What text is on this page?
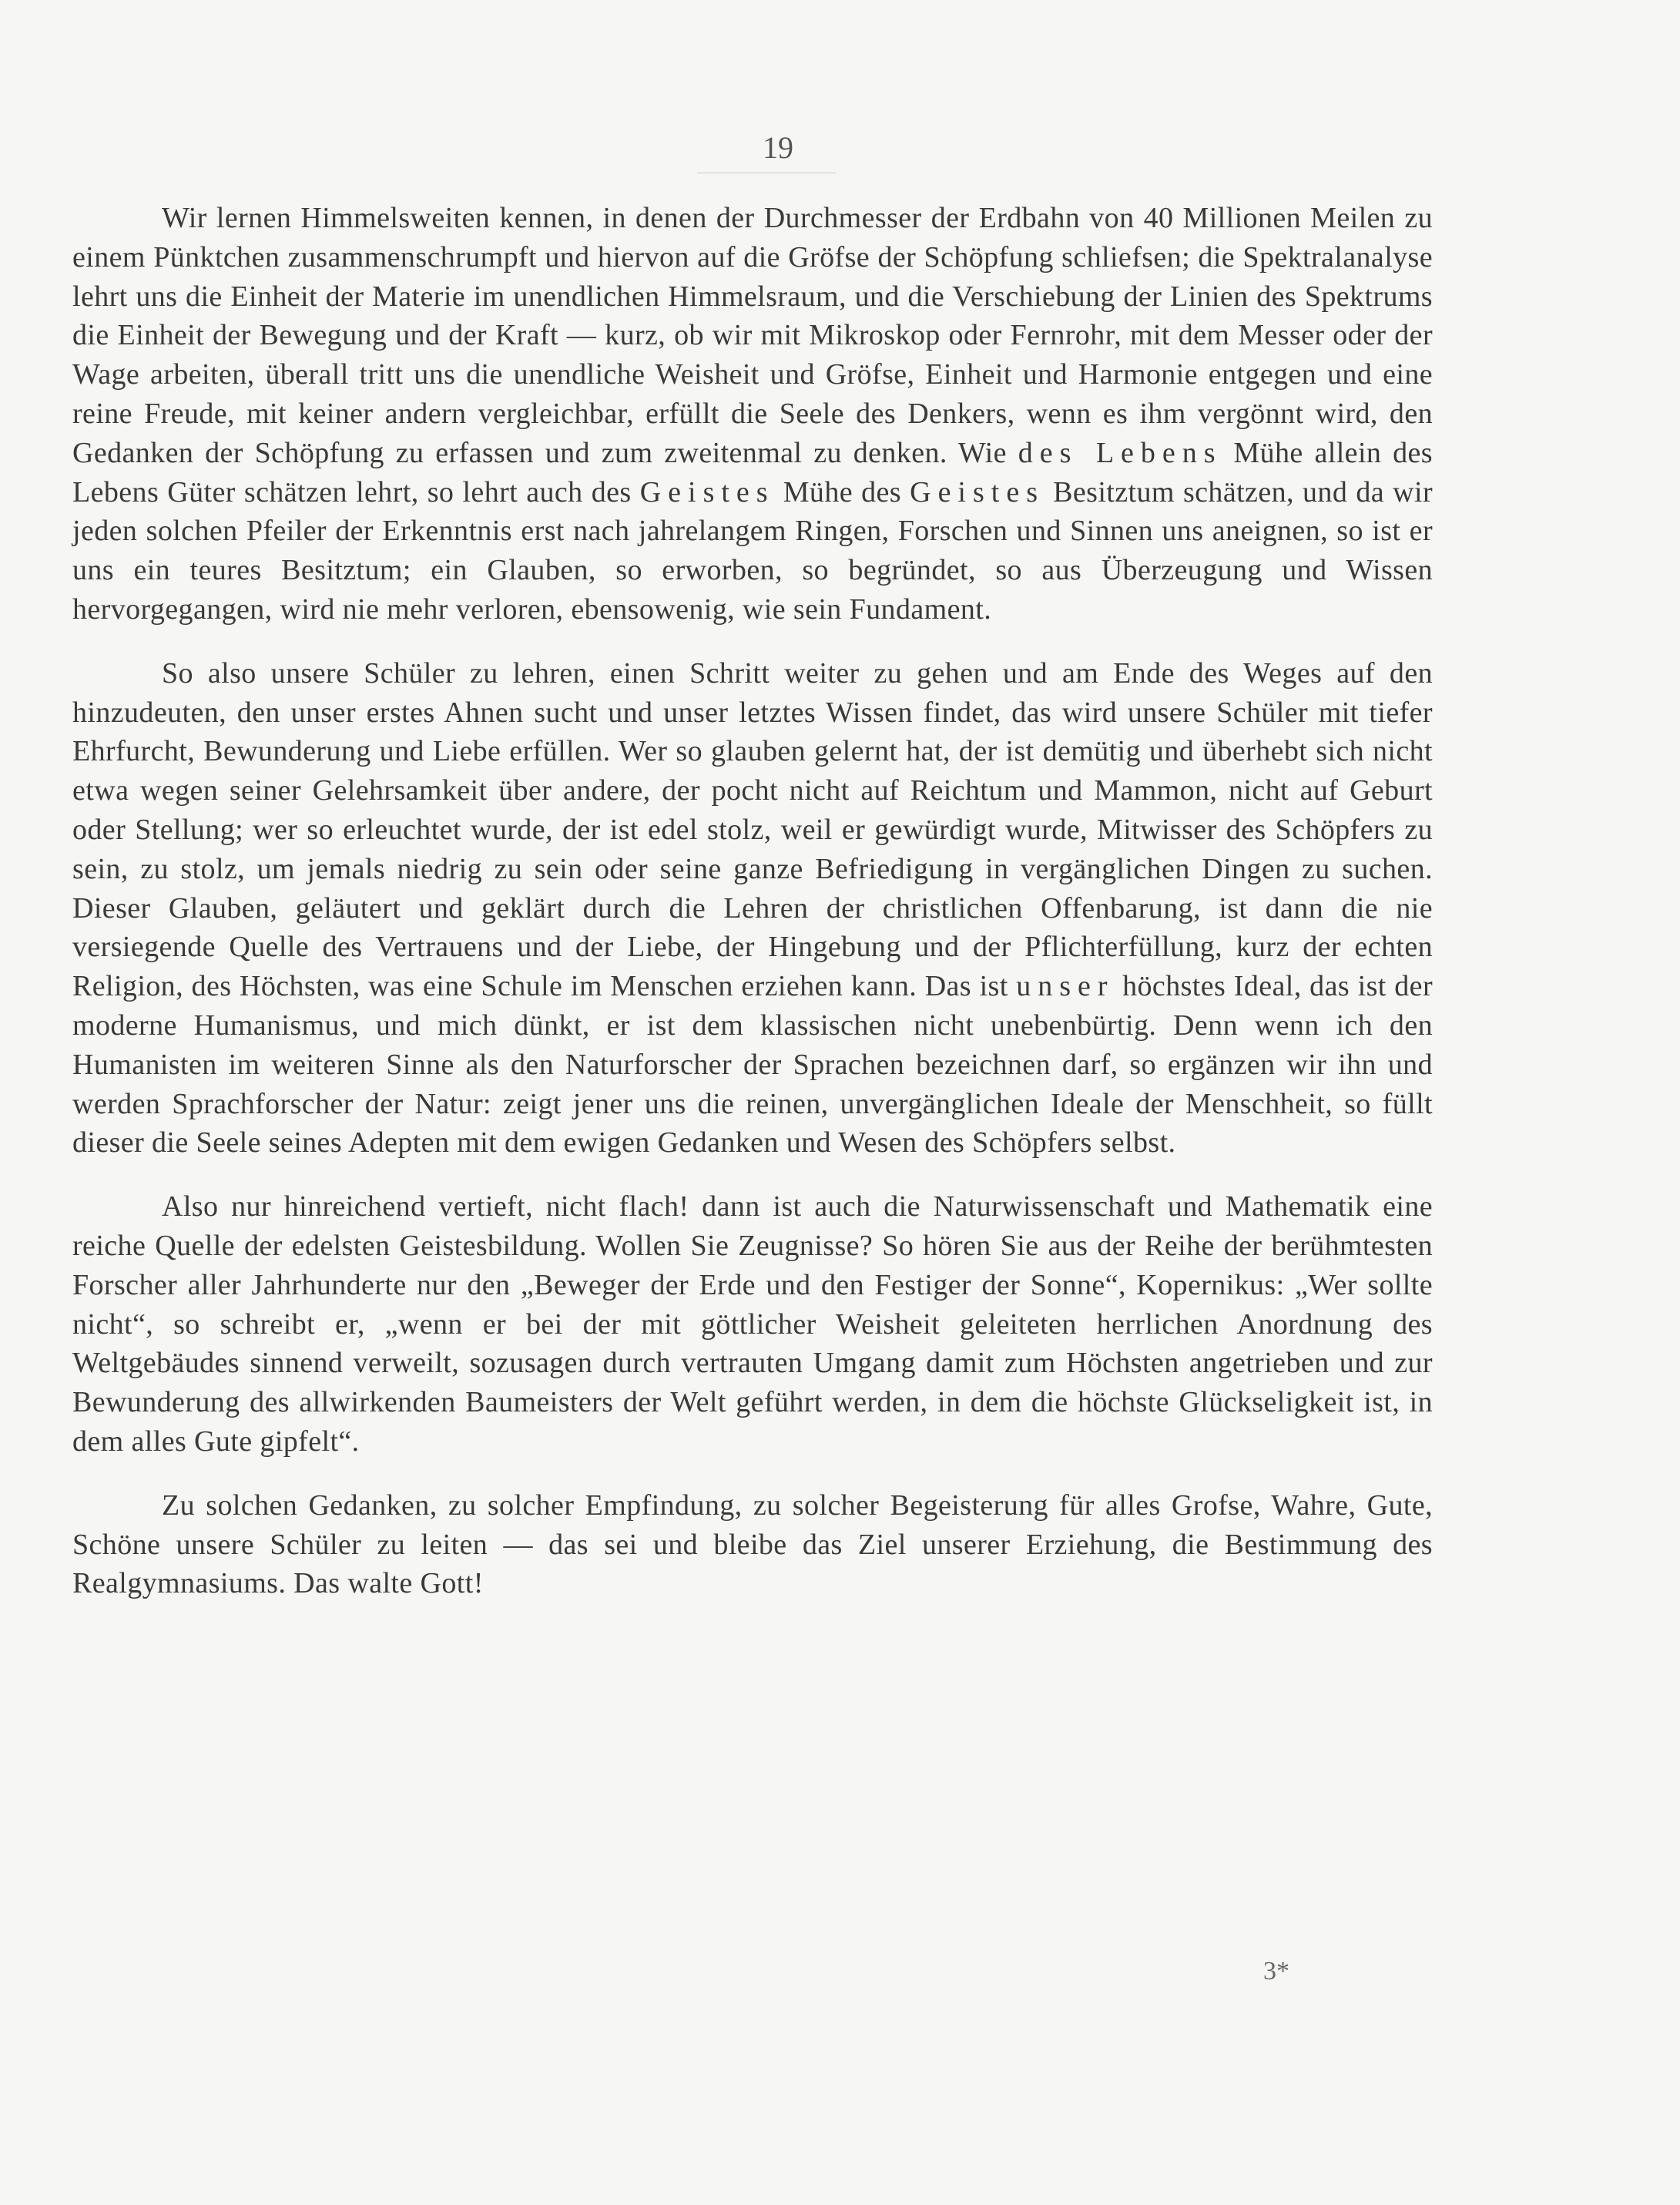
19

Wir lernen Himmelsweiten kennen, in denen der Durchmesser der Erdbahn von 40 Millionen Meilen zu einem Pünktchen zusammenschrumpft und hiervon auf die Gröfse der Schöpfung schliefsen; die Spektralanalyse lehrt uns die Einheit der Materie im unendlichen Himmelsraum, und die Verschiebung der Linien des Spektrums die Einheit der Bewegung und der Kraft — kurz, ob wir mit Mikroskop oder Fernrohr, mit dem Messer oder der Wage arbeiten, überall tritt uns die unendliche Weisheit und Gröfse, Einheit und Harmonie entgegen und eine reine Freude, mit keiner andern vergleichbar, erfüllt die Seele des Denkers, wenn es ihm vergönnt wird, den Gedanken der Schöpfung zu erfassen und zum zweitenmal zu denken. Wie des Lebens Mühe allein des Lebens Güter schätzen lehrt, so lehrt auch des Geistes Mühe des Geistes Besitztum schätzen, und da wir jeden solchen Pfeiler der Erkenntnis erst nach jahrelangem Ringen, Forschen und Sinnen uns aneignen, so ist er uns ein teures Besitztum; ein Glauben, so erworben, so begründet, so aus Überzeugung und Wissen hervorgegangen, wird nie mehr verloren, ebensowenig, wie sein Fundament.

So also unsere Schüler zu lehren, einen Schritt weiter zu gehen und am Ende des Weges auf den hinzudeuten, den unser erstes Ahnen sucht und unser letztes Wissen findet, das wird unsere Schüler mit tiefer Ehrfurcht, Bewunderung und Liebe erfüllen. Wer so glauben gelernt hat, der ist demütig und überhebt sich nicht etwa wegen seiner Gelehrsamkeit über andere, der pocht nicht auf Reichtum und Mammon, nicht auf Geburt oder Stellung; wer so erleuchtet wurde, der ist edel stolz, weil er gewürdigt wurde, Mitwisser des Schöpfers zu sein, zu stolz, um jemals niedrig zu sein oder seine ganze Befriedigung in vergänglichen Dingen zu suchen. Dieser Glauben, geläutert und geklärt durch die Lehren der christlichen Offenbarung, ist dann die nie versiegende Quelle des Vertrauens und der Liebe, der Hingebung und der Pflichterfüllung, kurz der echten Religion, des Höchsten, was eine Schule im Menschen erziehen kann. Das ist unser höchstes Ideal, das ist der moderne Humanismus, und mich dünkt, er ist dem klassischen nicht unebenbürtig. Denn wenn ich den Humanisten im weiteren Sinne als den Naturforscher der Sprachen bezeichnen darf, so ergänzen wir ihn und werden Sprachforscher der Natur: zeigt jener uns die reinen, unvergänglichen Ideale der Menschheit, so füllt dieser die Seele seines Adepten mit dem ewigen Gedanken und Wesen des Schöpfers selbst.

Also nur hinreichend vertieft, nicht flach! dann ist auch die Naturwissenschaft und Mathematik eine reiche Quelle der edelsten Geistesbildung. Wollen Sie Zeugnisse? So hören Sie aus der Reihe der berühmtesten Forscher aller Jahrhunderte nur den „Beweger der Erde und den Festiger der Sonne“, Kopernikus: „Wer sollte nicht“, so schreibt er, „wenn er bei der mit göttlicher Weisheit geleiteten herrlichen Anordnung des Weltgebäudes sinnend verweilt, sozusagen durch vertrauten Umgang damit zum Höchsten angetrieben und zur Bewunderung des allwirkenden Baumeisters der Welt geführt werden, in dem die höchste Glückseligkeit ist, in dem alles Gute gipfelt“.

Zu solchen Gedanken, zu solcher Empfindung, zu solcher Begeisterung für alles Grofse, Wahre, Gute, Schöne unsere Schüler zu leiten — das sei und bleibe das Ziel unserer Erziehung, die Bestimmung des Realgymnasiums. Das walte Gott!

3*
